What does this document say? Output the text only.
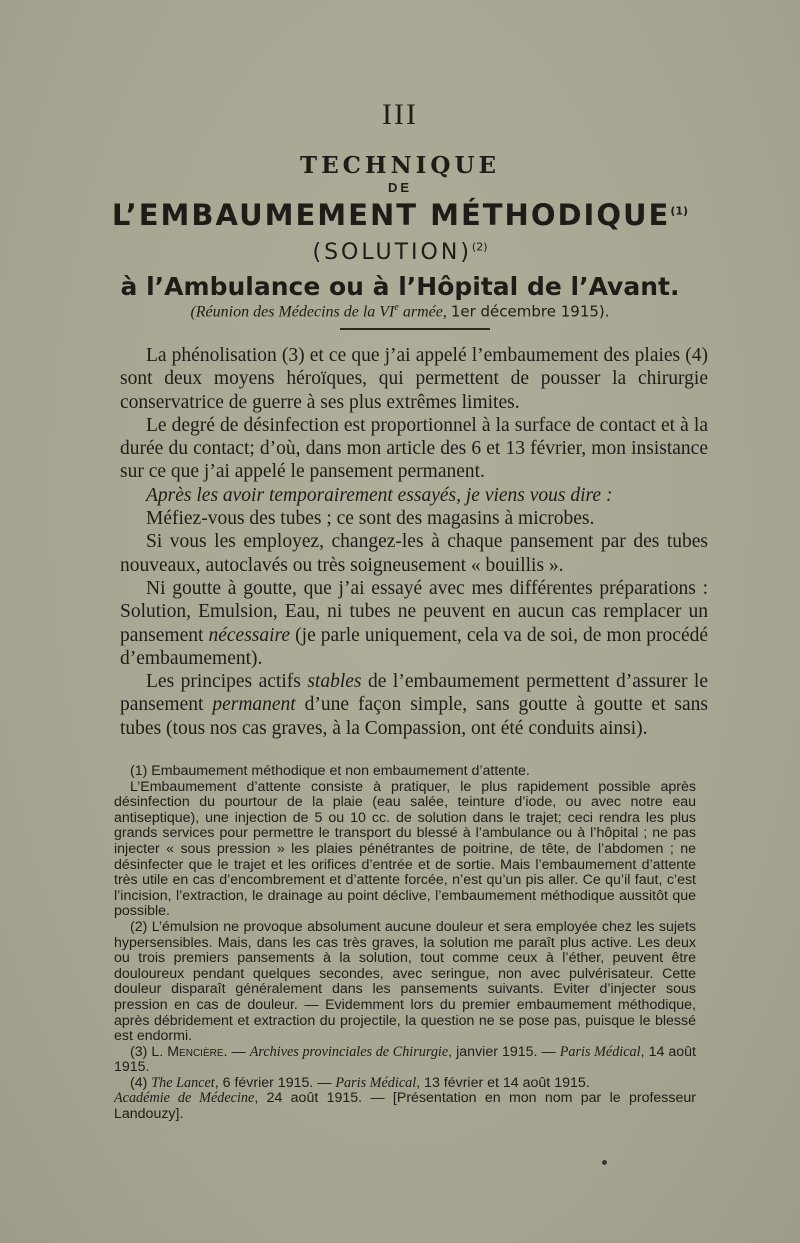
III
TECHNIQUE
DE
L’EMBAUMEMENT MÉTHODIQUE$^{(1)}$
(SOLUTION)$^{(2)}$
à l’Ambulance ou à l’Hôpital de l’Avant.
(Réunion des Médecins de la VIe armée, 1er décembre 1915).

La phénolisation (3) et ce que j’ai appelé l’embaumement des plaies (4) sont deux moyens héroïques, qui permettent de pousser la chirurgie conservatrice de guerre à ses plus extrêmes limites.

Le degré de désinfection est proportionnel à la surface de contact et à la durée du contact; d’où, dans mon article des 6 et 13 février, mon insistance sur ce que j’ai appelé le pansement permanent.

Après les avoir temporairement essayés, je viens vous dire :

Méfiez-vous des tubes ; ce sont des magasins à microbes.

Si vous les employez, changez-les à chaque pansement par des tubes nouveaux, autoclavés ou très soigneusement « bouillis ».

Ni goutte à goutte, que j’ai essayé avec mes différentes préparations : Solution, Emulsion, Eau, ni tubes ne peuvent en aucun cas remplacer un pansement nécessaire (je parle uniquement, cela va de soi, de mon procédé d’embaumement).

Les principes actifs stables de l’embaumement permettent d’assurer le pansement permanent d’une façon simple, sans goutte à goutte et sans tubes (tous nos cas graves, à la Compassion, ont été conduits ainsi).

(1) Embaumement méthodique et non embaumement d’attente.

L’Embaumement d’attente consiste à pratiquer, le plus rapidement possible après désinfection du pourtour de la plaie (eau salée, teinture d’iode, ou avec notre eau antiseptique), une injection de 5 ou 10 cc. de solution dans le trajet; ceci rendra les plus grands services pour permettre le transport du blessé à l’ambulance ou à l’hôpital ; ne pas injecter « sous pression » les plaies pénétrantes de poitrine, de tête, de l’abdomen ; ne désinfecter que le trajet et les orifices d’entrée et de sortie. Mais l’embaumement d’attente très utile en cas d’encombrement et d’attente forcée, n’est qu’un pis aller. Ce qu’il faut, c’est l’incision, l’extraction, le drainage au point déclive, l’embaumement méthodique aussitôt que possible.

(2) L’émulsion ne provoque absolument aucune douleur et sera employée chez les sujets hypersensibles. Mais, dans les cas très graves, la solution me paraît plus active. Les deux ou trois premiers pansements à la solution, tout comme ceux à l’éther, peuvent être douloureux pendant quelques secondes, avec seringue, non avec pulvérisateur. Cette douleur disparaît généralement dans les pansements suivants. Eviter d’injecter sous pression en cas de douleur. — Evidemment lors du premier embaumement méthodique, après débridement et extraction du projectile, la question ne se pose pas, puisque le blessé est endormi.

(3) L. Mencière. — Archives provinciales de Chirurgie, janvier 1915. — Paris Médical, 14 août 1915.

(4) The Lancet, 6 février 1915. — Paris Médical, 13 février et 14 août 1915.
Académie de Médecine, 24 août 1915. — [Présentation en mon nom par le professeur Landouzy].
